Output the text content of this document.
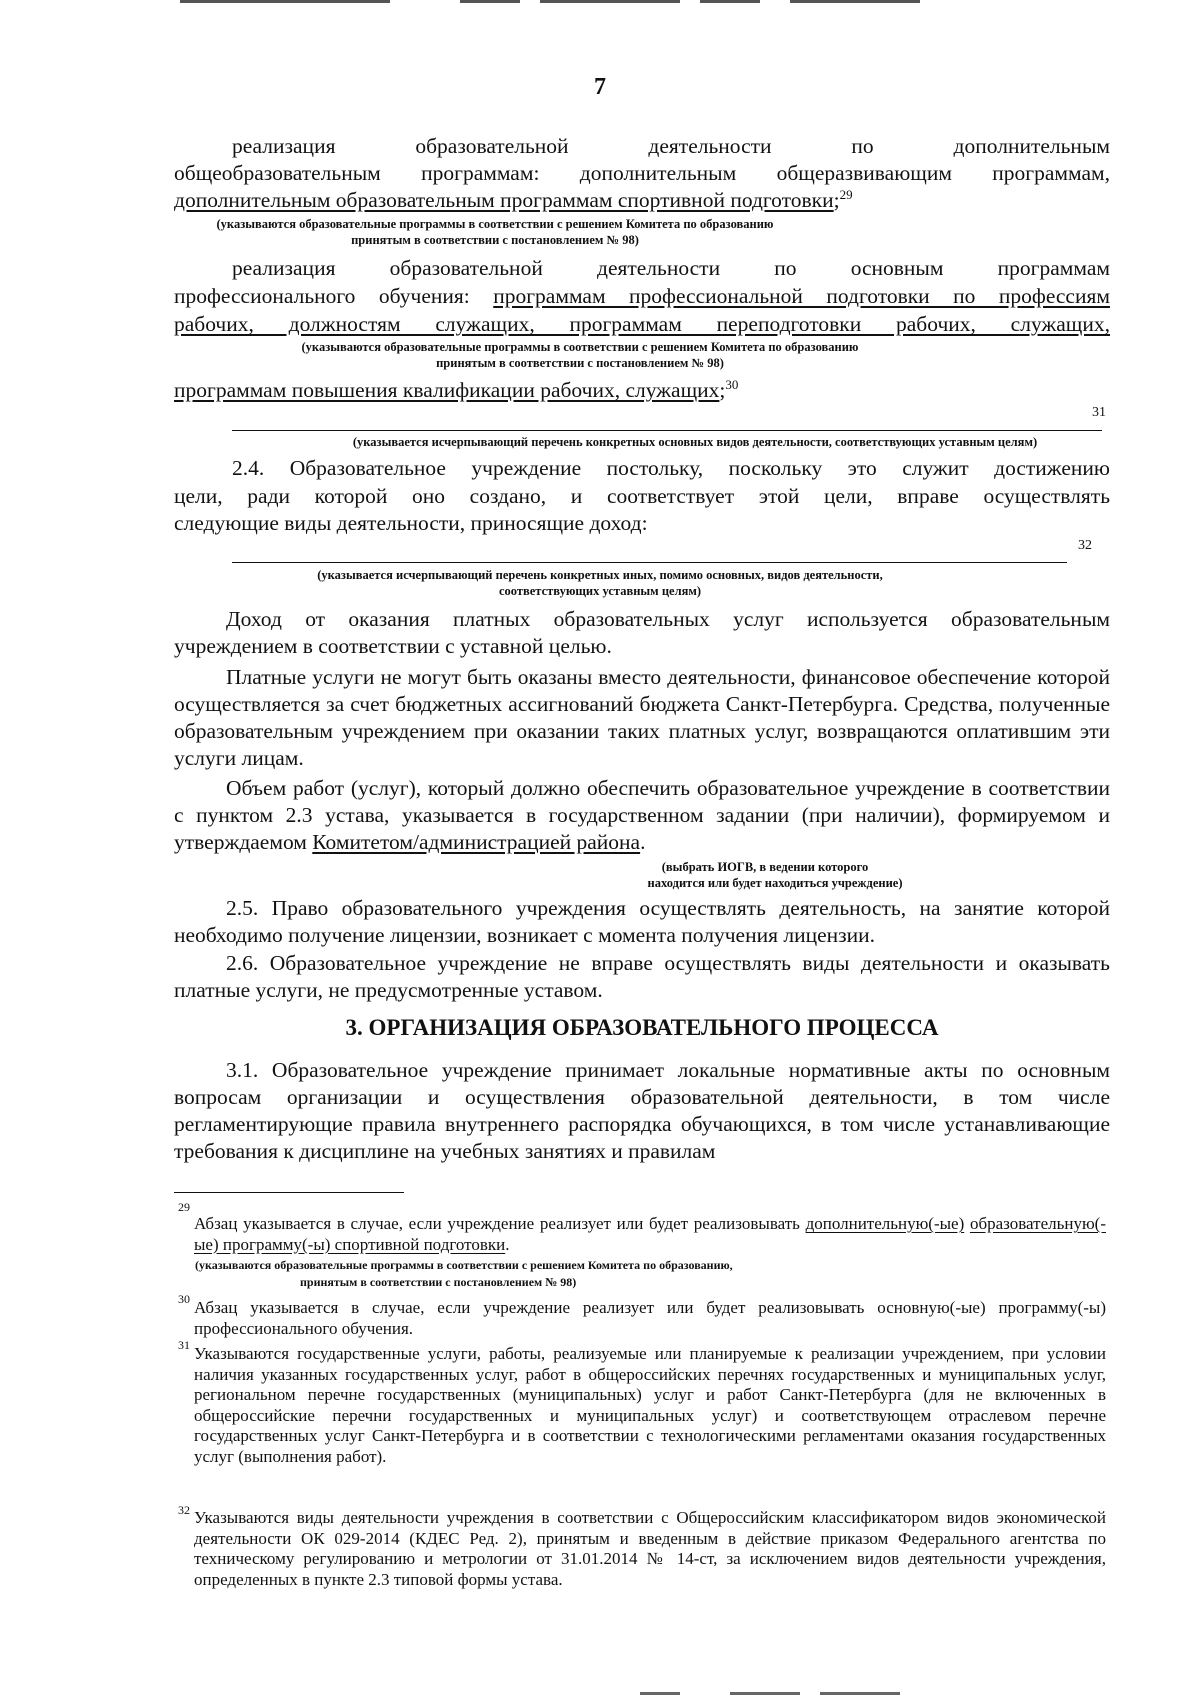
7

реализация образовательной деятельности по дополнительным

общеобразовательным программам: дополнительным общеразвивающим программам,

дополнительным образовательным программам спортивной подготовки;$^{29}$

(указываются образовательные программы в соответствии с решением Комитета по образованию

принятым в соответствии с постановлением № 98)

реализация образовательной деятельности по основным программам

профессионального обучения: программам профессиональной подготовки по профессиям

рабочих, должностям служащих, программам переподготовки рабочих, служащих,

(указываются образовательные программы в соответствии с решением Комитета по образованию

принятым в соответствии с постановлением № 98)

программам повышения квалификации рабочих, служащих;$^{30}$

31

(указывается исчерпывающий перечень конкретных основных видов деятельности, соответствующих уставным целям)

2.4. Образовательное учреждение постольку, поскольку это служит достижению

цели, ради которой оно создано, и соответствует этой цели, вправе осуществлять

следующие виды деятельности, приносящие доход:

32

(указывается исчерпывающий перечень конкретных иных, помимо основных, видов деятельности,

соответствующих уставным целям)

Доход от оказания платных образовательных услуг используется образовательным учреждением в соответствии с уставной целью.

Платные услуги не могут быть оказаны вместо деятельности, финансовое обеспечение которой осуществляется за счет бюджетных ассигнований бюджета Санкт-Петербурга. Средства, полученные образовательным учреждением при оказании таких платных услуг, возвращаются оплатившим эти услуги лицам.

Объем работ (услуг), который должно обеспечить образовательное учреждение в соответствии с пунктом 2.3 устава, указывается в государственном задании (при наличии), формируемом и утверждаемом Комитетом/администрацией района.

(выбрать ИОГВ, в ведении которого

находится или будет находиться учреждение)

2.5. Право образовательного учреждения осуществлять деятельность, на занятие которой необходимо получение лицензии, возникает с момента получения лицензии.

2.6. Образовательное учреждение не вправе осуществлять виды деятельности и оказывать платные услуги, не предусмотренные уставом.

3. ОРГАНИЗАЦИЯ ОБРАЗОВАТЕЛЬНОГО ПРОЦЕССА

3.1. Образовательное учреждение принимает локальные нормативные акты по основным вопросам организации и осуществления образовательной деятельности, в том числе регламентирующие правила внутреннего распорядка обучающихся, в том числе устанавливающие требования к дисциплине на учебных занятиях и правилам

29

Абзац указывается в случае, если учреждение реализует или будет реализовывать дополнительную(-ые) образовательную(-ые) программу(-ы) спортивной подготовки.

(указываются образовательные программы в соответствии с решением Комитета по образованию,

принятым в соответствии с постановлением № 98)

30 Абзац указывается в случае, если учреждение реализует или будет реализовывать основную(-ые) программу(-ы) профессионального обучения.

31 Указываются государственные услуги, работы, реализуемые или планируемые к реализации учреждением, при условии наличия указанных государственных услуг, работ в общероссийских перечнях государственных и муниципальных услуг, региональном перечне государственных (муниципальных) услуг и работ Санкт-Петербурга (для не включенных в общероссийские перечни государственных и муниципальных услуг) и соответствующем отраслевом перечне государственных услуг Санкт-Петербурга и в соответствии с технологическими регламентами оказания государственных услуг (выполнения работ).

32 Указываются виды деятельности учреждения в соответствии с Общероссийским классификатором видов экономической деятельности ОК 029-2014 (КДЕС Ред. 2), принятым и введенным в действие приказом Федерального агентства по техническому регулированию и метрологии от 31.01.2014 № 14-ст, за исключением видов деятельности учреждения, определенных в пункте 2.3 типовой формы устава.
